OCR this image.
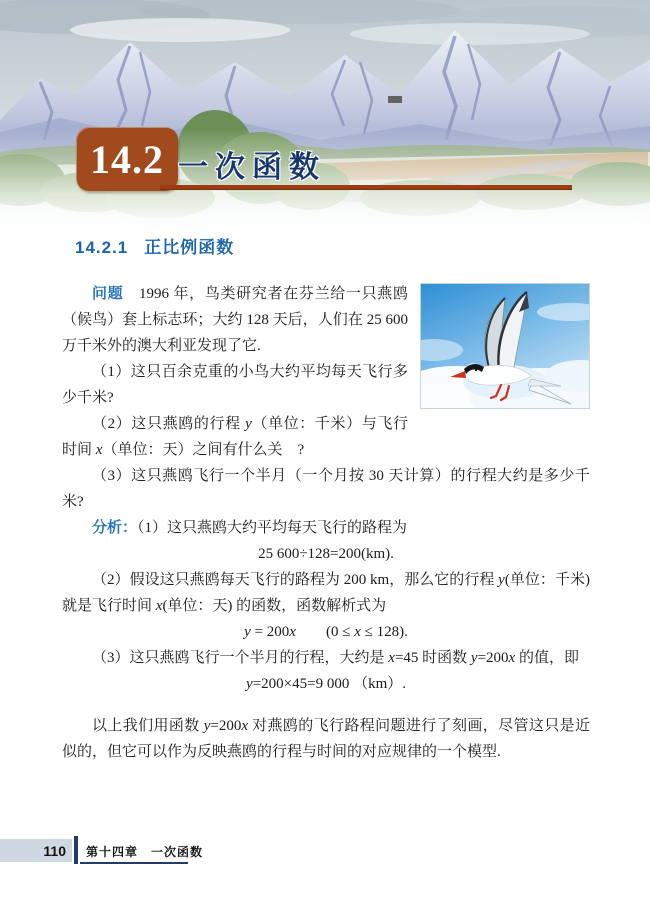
14.2 一次函数
14.2.1 正比例函数

问题　1996 年，鸟类研究者在芬兰给一只燕鸥（候鸟）套上标志环；大约 128 天后，人们在 25 600 万千米外的澳大利亚发现了它.

（1）这只百余克重的小鸟大约平均每天飞行多少千米?

（2）这只燕鸥的行程 y（单位：千米）与飞行时间 x（单位：天）之间有什么关　?

（3）这只燕鸥飞行一个半月（一个月按 30 天计算）的行程大约是多少千米?

分析：（1）这只燕鸥大约平均每天飞行的路程为

25 600÷128=200(km).

（2）假设这只燕鸥每天飞行的路程为 200 km，那么它的行程 y(单位：千米) 就是飞行时间 x(单位：天) 的函数，函数解析式为

y = 200x　　(0 ≤ x ≤ 128).

（3）这只燕鸥飞行一个半月的行程，大约是 x=45 时函数 y=200x 的值，即

y=200×45=9 000 （km）.

以上我们用函数 y=200x 对燕鸥的飞行路程问题进行了刻画，尽管这只是近似的，但它可以作为反映燕鸥的行程与时间的对应规律的一个模型.

110 第十四章　一次函数
